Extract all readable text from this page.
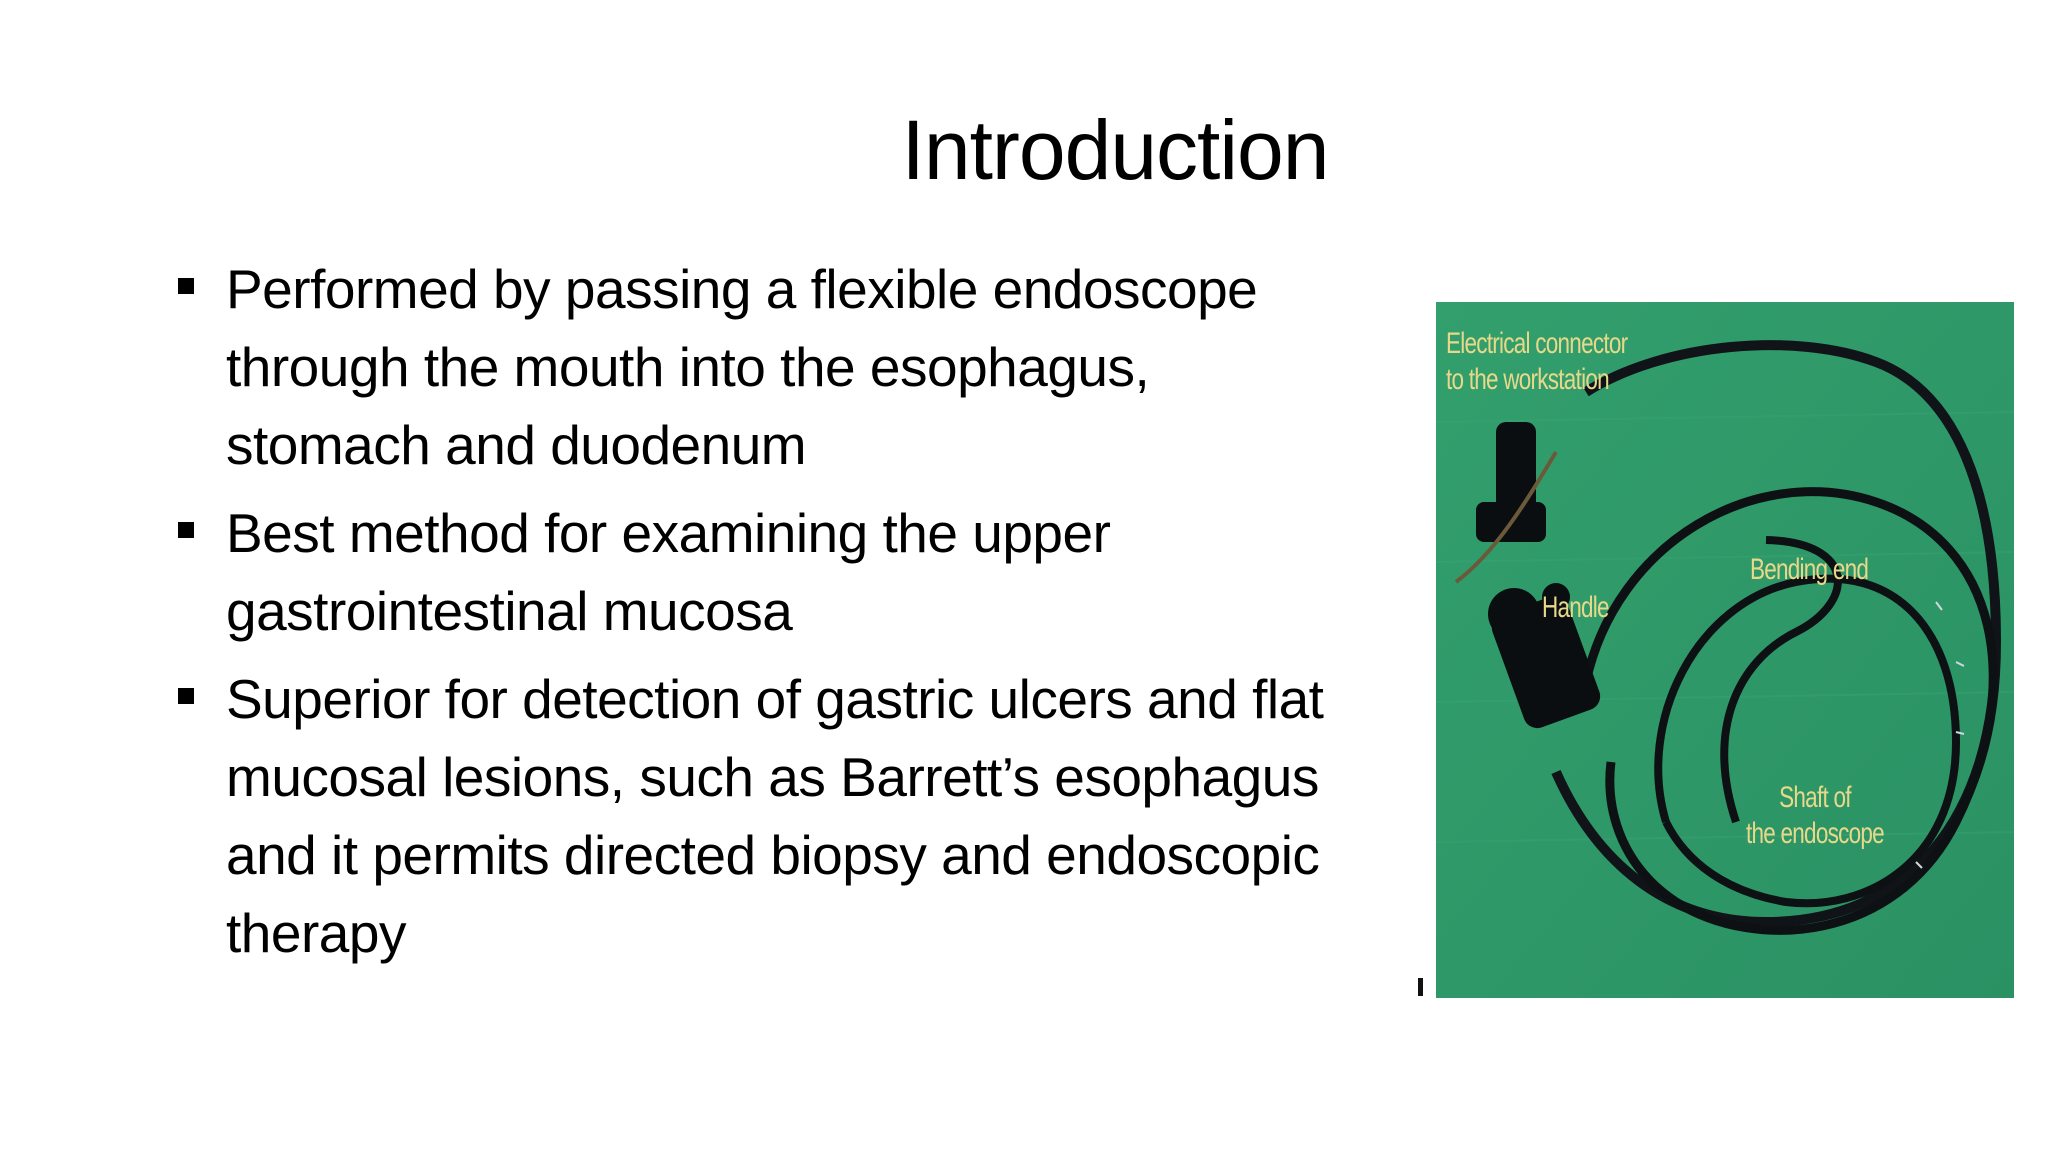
Introduction
Performed by passing a flexible endoscope through the mouth into the esophagus, stomach and duodenum
Best method for examining the upper gastrointestinal mucosa
Superior for detection of gastric ulcers and flat mucosal lesions, such as Barrett’s esophagus and it permits directed biopsy and endoscopic therapy
Electrical connector
to the workstation
Handle
Bending end
Shaft of
the endoscope
